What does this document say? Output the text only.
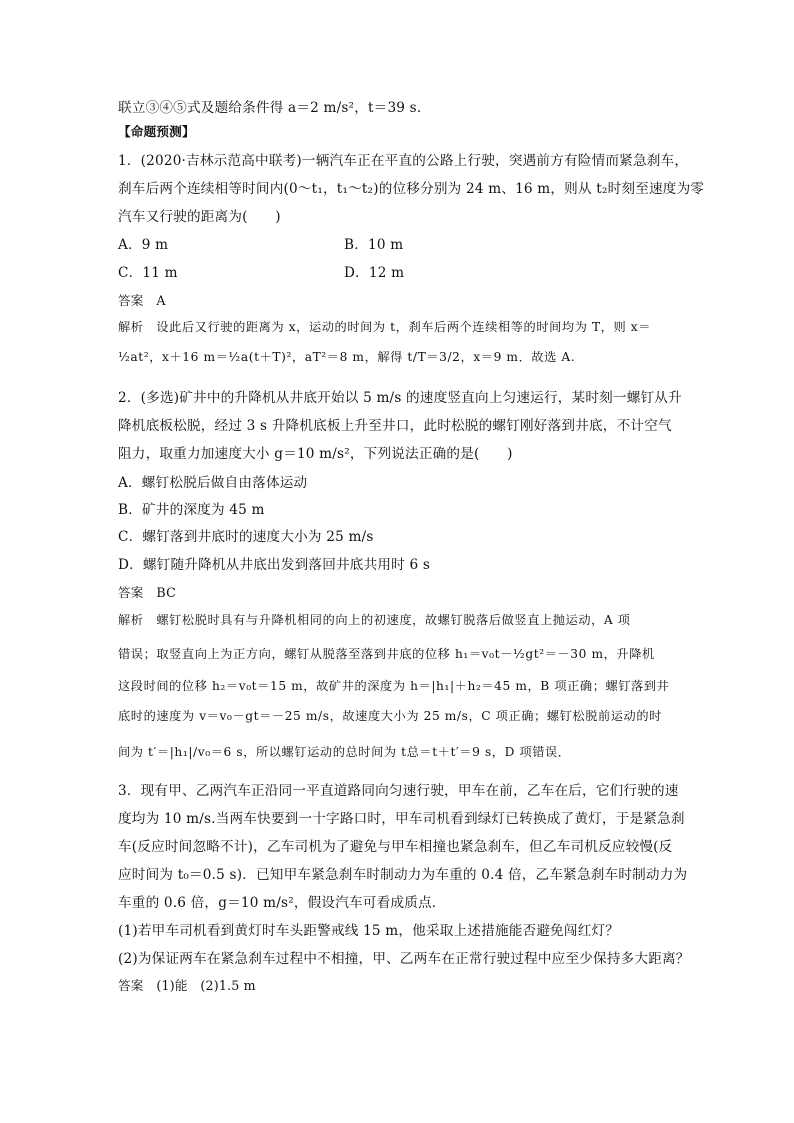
联立③④⑤式及题给条件得 a＝2 m/s²，t＝39 s.
【命题预测】
1．(2020·吉林示范高中联考)一辆汽车正在平直的公路上行驶，突遇前方有险情而紧急刹车，
刹车后两个连续相等时间内(0～t₁，t₁～t₂)的位移分别为 24 m、16 m，则从 t₂时刻至速度为零
汽车又行驶的距离为(　　)
A．9 m	B．10 m
C．11 m	D．12 m
答案　A
解析　设此后又行驶的距离为 x，运动的时间为 t，刹车后两个连续相等的时间均为 T，则 x＝
½at²，x＋16 m＝½a(t＋T)²，aT²＝8 m，解得 t/T＝3/2，x＝9 m．故选 A.
2．(多选)矿井中的升降机从井底开始以 5 m/s 的速度竖直向上匀速运行，某时刻一螺钉从升
降机底板松脱，经过 3 s 升降机底板上升至井口，此时松脱的螺钉刚好落到井底，不计空气
阻力，取重力加速度大小 g＝10 m/s²，下列说法正确的是(　　)
A．螺钉松脱后做自由落体运动
B．矿井的深度为 45 m
C．螺钉落到井底时的速度大小为 25 m/s
D．螺钉随升降机从井底出发到落回井底共用时 6 s
答案　BC
解析　螺钉松脱时具有与升降机相同的向上的初速度，故螺钉脱落后做竖直上抛运动，A 项
错误；取竖直向上为正方向，螺钉从脱落至落到井底的位移 h₁＝v₀t－½gt²＝－30 m，升降机
这段时间的位移 h₂＝v₀t＝15 m，故矿井的深度为 h＝|h₁|＋h₂＝45 m，B 项正确；螺钉落到井
底时的速度为 v＝v₀－gt＝－25 m/s，故速度大小为 25 m/s，C 项正确；螺钉松脱前运动的时
间为 t′＝|h₁|/v₀＝6 s，所以螺钉运动的总时间为 t总＝t＋t′＝9 s，D 项错误．
3．现有甲、乙两汽车正沿同一平直道路同向匀速行驶，甲车在前，乙车在后，它们行驶的速
度均为 10 m/s.当两车快要到一十字路口时，甲车司机看到绿灯已转换成了黄灯，于是紧急刹
车(反应时间忽略不计)，乙车司机为了避免与甲车相撞也紧急刹车，但乙车司机反应较慢(反
应时间为 t₀＝0.5 s)．已知甲车紧急刹车时制动力为车重的 0.4 倍，乙车紧急刹车时制动力为
车重的 0.6 倍，g＝10 m/s²，假设汽车可看成质点．
(1)若甲车司机看到黄灯时车头距警戒线 15 m，他采取上述措施能否避免闯红灯？
(2)为保证两车在紧急刹车过程中不相撞，甲、乙两车在正常行驶过程中应至少保持多大距离？
答案　(1)能　(2)1.5 m
